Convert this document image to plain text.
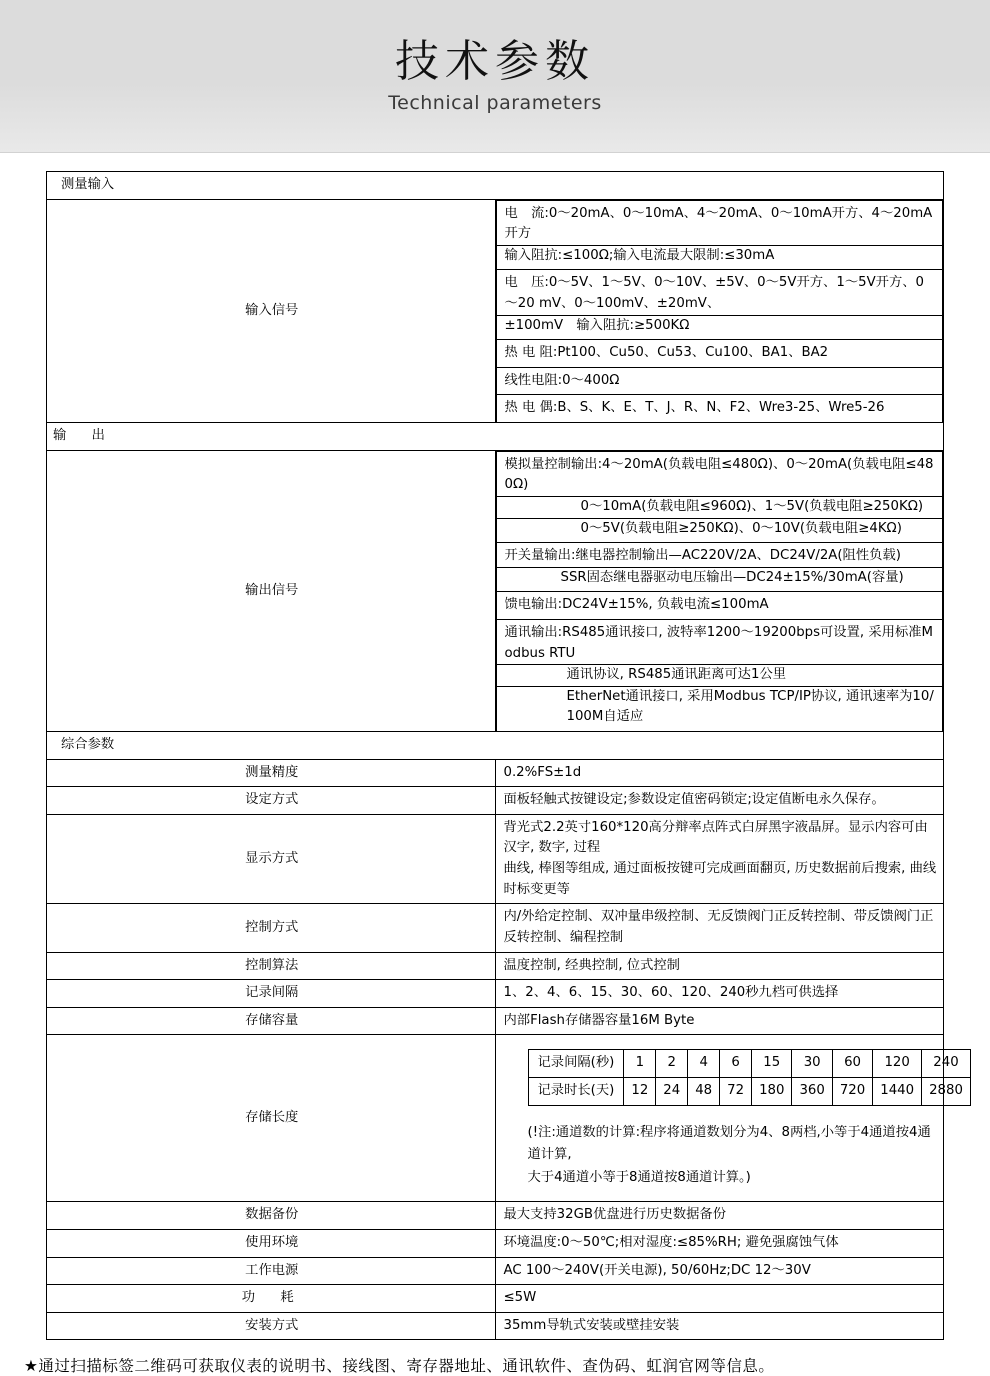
技术参数
Technical parameters
测量输入
输入信号	
电　流:0～20mA、0～10mA、4～20mA、0～10mA开方、4～20mA开方
输入阻抗:≤100Ω;输入电流最大限制:≤30mA
电　压:0～5V、1～5V、0～10V、±5V、0～5V开方、1～5V开方、0～20 mV、0～100mV、±20mV、
±100mV　输入阻抗:≥500KΩ
热 电 阻:Pt100、Cu50、Cu53、Cu100、BA1、BA2
线性电阻:0～400Ω
热 电 偶:B、S、K、E、T、J、R、N、F2、Wre3-25、Wre5-26

输　出
输出信号	
模拟量控制输出:4～20mA(负载电阻≤480Ω)、0～20mA(负载电阻≤480Ω)
0～10mA(负载电阻≤960Ω)、1～5V(负载电阻≥250KΩ)
0～5V(负载电阻≥250KΩ)、0～10V(负载电阻≥4KΩ)
开关量输出:继电器控制输出—AC220V/2A、DC24V/2A(阻性负载)
SSR固态继电器驱动电压输出—DC24±15%/30mA(容量)
馈电输出:DC24V±15%, 负载电流≤100mA
通讯输出:RS485通讯接口, 波特率1200～19200bps可设置, 采用标准Modbus RTU
通讯协议, RS485通讯距离可达1公里
EtherNet通讯接口, 采用Modbus TCP/IP协议, 通讯速率为10/100M自适应

综合参数
测量精度	0.2%FS±1d
设定方式	面板轻触式按键设定;参数设定值密码锁定;设定值断电永久保存。
显示方式	
背光式2.2英寸160*120高分辩率点阵式白屏黑字液晶屏。显示内容可由汉字, 数字, 过程
曲线, 棒图等组成, 通过面板按键可完成画面翻页, 历史数据前后搜索, 曲线时标变更等

控制方式	内/外给定控制、双冲量串级控制、无反馈阀门正反转控制、带反馈阀门正反转控制、编程控制
控制算法	温度控制, 经典控制, 位式控制
记录间隔	1、2、4、6、15、30、60、120、240秒九档可供选择
存储容量	内部Flash存储器容量16M Byte
存储长度	
记录间隔(秒)	1	2	4	6	15	30	60	120	240
记录时长(天)	12	24	48	72	180	360	720	1440	2880
(!注:通道数的计算:程序将通道数划分为4、8两档,小等于4通道按4通道计算,
大于4通道小等于8通道按8通道计算。)

数据备份	最大支持32GB优盘进行历史数据备份
使用环境	环境温度:0～50℃;相对湿度:≤85%RH; 避免强腐蚀气体
工作电源	AC 100～240V(开关电源), 50/60Hz;DC 12～30V
功　耗	≤5W
安装方式	35mm导轨式安装或壁挂安装
★通过扫描标签二维码可获取仪表的说明书、接线图、寄存器地址、通讯软件、查伪码、虹润官网等信息。
